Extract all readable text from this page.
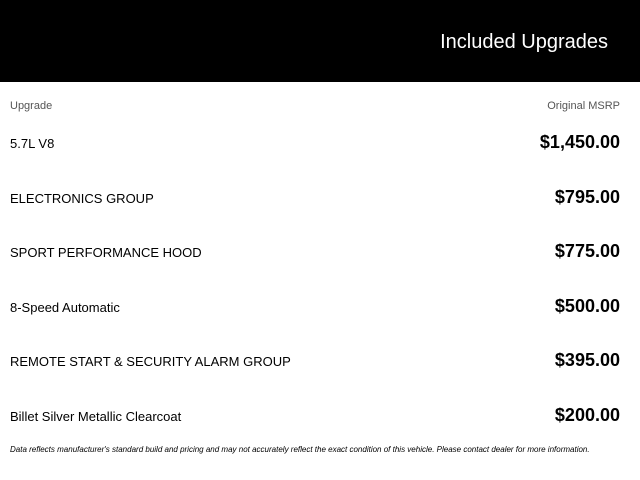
Included Upgrades
Upgrade	Original MSRP
5.7L V8	$1,450.00
ELECTRONICS GROUP	$795.00
SPORT PERFORMANCE HOOD	$775.00
8-Speed Automatic	$500.00
REMOTE START & SECURITY ALARM GROUP	$395.00
Billet Silver Metallic Clearcoat	$200.00
Data reflects manufacturer's standard build and pricing and may not accurately reflect the exact condition of this vehicle. Please contact dealer for more information.
